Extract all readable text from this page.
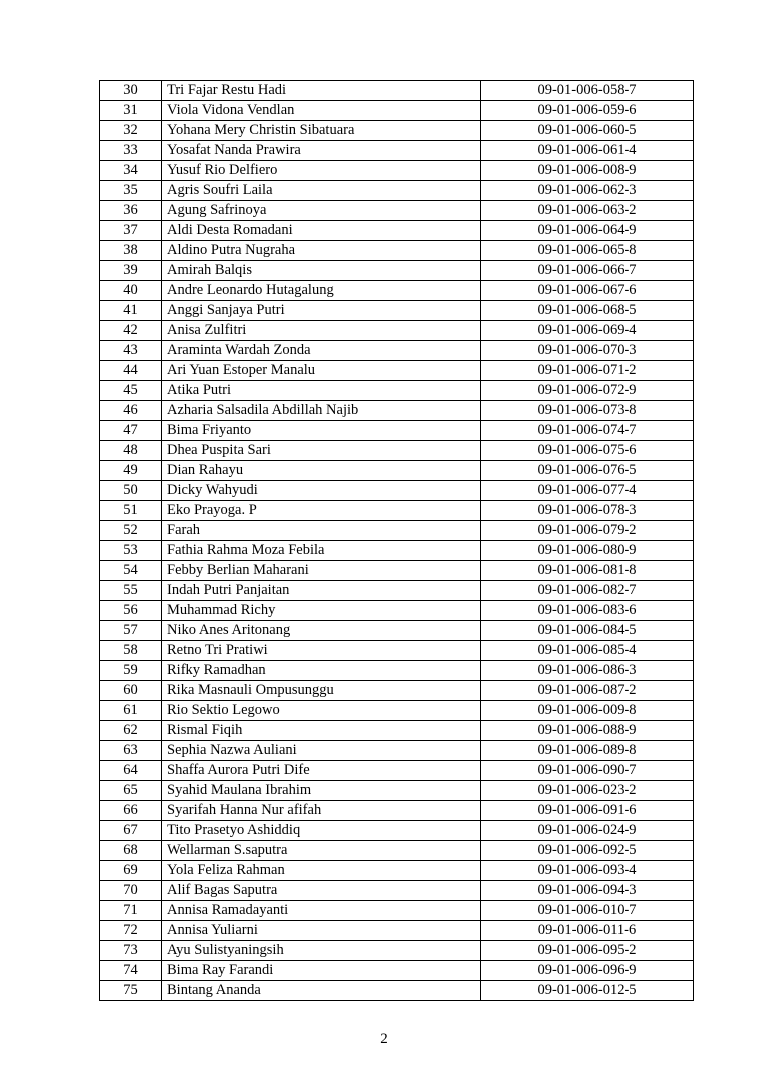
30	Tri Fajar Restu Hadi	09-01-006-058-7
31	Viola Vidona Vendlan	09-01-006-059-6
32	Yohana Mery Christin Sibatuara	09-01-006-060-5
33	Yosafat Nanda Prawira	09-01-006-061-4
34	Yusuf Rio Delfiero	09-01-006-008-9
35	Agris Soufri Laila	09-01-006-062-3
36	Agung Safrinoya	09-01-006-063-2
37	Aldi Desta Romadani	09-01-006-064-9
38	Aldino Putra Nugraha	09-01-006-065-8
39	Amirah Balqis	09-01-006-066-7
40	Andre Leonardo Hutagalung	09-01-006-067-6
41	Anggi Sanjaya Putri	09-01-006-068-5
42	Anisa Zulfitri	09-01-006-069-4
43	Araminta Wardah Zonda	09-01-006-070-3
44	Ari Yuan Estoper Manalu	09-01-006-071-2
45	Atika Putri	09-01-006-072-9
46	Azharia Salsadila Abdillah Najib	09-01-006-073-8
47	Bima Friyanto	09-01-006-074-7
48	Dhea Puspita Sari	09-01-006-075-6
49	Dian Rahayu	09-01-006-076-5
50	Dicky Wahyudi	09-01-006-077-4
51	Eko Prayoga. P	09-01-006-078-3
52	Farah	09-01-006-079-2
53	Fathia Rahma Moza Febila	09-01-006-080-9
54	Febby Berlian Maharani	09-01-006-081-8
55	Indah Putri Panjaitan	09-01-006-082-7
56	Muhammad Richy	09-01-006-083-6
57	Niko Anes Aritonang	09-01-006-084-5
58	Retno Tri Pratiwi	09-01-006-085-4
59	Rifky Ramadhan	09-01-006-086-3
60	Rika Masnauli Ompusunggu	09-01-006-087-2
61	Rio Sektio Legowo	09-01-006-009-8
62	Rismal Fiqih	09-01-006-088-9
63	Sephia Nazwa Auliani	09-01-006-089-8
64	Shaffa Aurora Putri Dife	09-01-006-090-7
65	Syahid Maulana Ibrahim	09-01-006-023-2
66	Syarifah Hanna Nur afifah	09-01-006-091-6
67	Tito Prasetyo Ashiddiq	09-01-006-024-9
68	Wellarman S.saputra	09-01-006-092-5
69	Yola Feliza Rahman	09-01-006-093-4
70	Alif Bagas Saputra	09-01-006-094-3
71	Annisa Ramadayanti	09-01-006-010-7
72	Annisa Yuliarni	09-01-006-011-6
73	Ayu Sulistyaningsih	09-01-006-095-2
74	Bima Ray Farandi	09-01-006-096-9
75	Bintang Ananda	09-01-006-012-5
2
